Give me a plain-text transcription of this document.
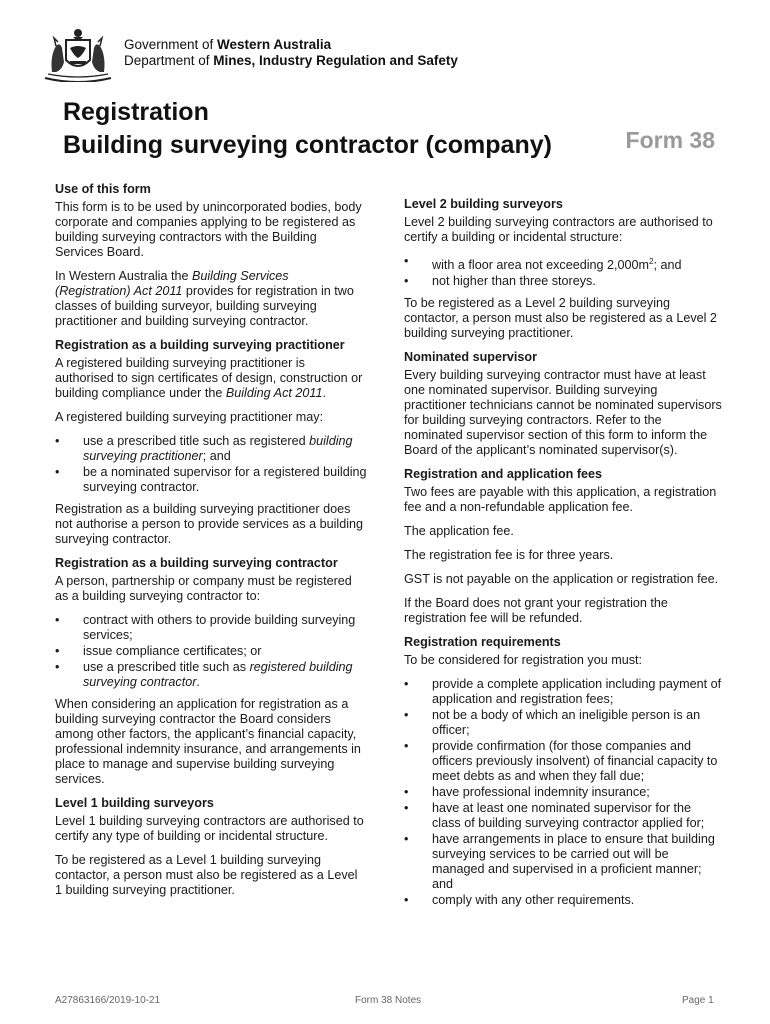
Government of Western Australia
Department of Mines, Industry Regulation and Safety
Registration
Building surveying contractor (company)	Form 38
Use of this form
This form is to be used by unincorporated bodies, body corporate and companies applying to be registered as building surveying contractors with the Building Services Board.
In Western Australia the Building Services (Registration) Act 2011 provides for registration in two classes of building surveyor, building surveying practitioner and building surveying contractor.
Registration as a building surveying practitioner
A registered building surveying practitioner is authorised to sign certificates of design, construction or building compliance under the Building Act 2011.
A registered building surveying practitioner may:
• use a prescribed title such as registered building surveying practitioner; and
• be a nominated supervisor for a registered building surveying contractor.
Registration as a building surveying practitioner does not authorise a person to provide services as a building surveying contractor.
Registration as a building surveying contractor
A person, partnership or company must be registered as a building surveying contractor to:
• contract with others to provide building surveying services;
• issue compliance certificates; or
• use a prescribed title such as registered building surveying contractor.
When considering an application for registration as a building surveying contractor the Board considers among other factors, the applicant’s financial capacity, professional indemnity insurance, and arrangements in place to manage and supervise building surveying services.
Level 1 building surveyors
Level 1 building surveying contractors are authorised to certify any type of building or incidental structure.
To be registered as a Level 1 building surveying contactor, a person must also be registered as a Level 1 building surveying practitioner.
Level 2 building surveyors
Level 2 building surveying contractors are authorised to certify a building or incidental structure:
• with a floor area not exceeding $2,000m^2$; and
• not higher than three storeys.
To be registered as a Level 2 building surveying contactor, a person must also be registered as a Level 2 building surveying practitioner.
Nominated supervisor
Every building surveying contractor must have at least one nominated supervisor. Building surveying practitioner technicians cannot be nominated supervisors for building surveying contractors. Refer to the nominated supervisor section of this form to inform the Board of the applicant’s nominated supervisor(s).
Registration and application fees
Two fees are payable with this application, a registration fee and a non-refundable application fee.
The application fee.
The registration fee is for three years.
GST is not payable on the application or registration fee.
If the Board does not grant your registration the registration fee will be refunded.
Registration requirements
To be considered for registration you must:
• provide a complete application including payment of application and registration fees;
• not be a body of which an ineligible person is an officer;
• provide confirmation (for those companies and officers previously insolvent) of financial capacity to meet debts as and when they fall due;
• have professional indemnity insurance;
• have at least one nominated supervisor for the class of building surveying contractor applied for;
• have arrangements in place to ensure that building surveying services to be carried out will be managed and supervised in a proficient manner; and
• comply with any other requirements.
A27863166/2019-10-21	Form 38 Notes	Page 1
